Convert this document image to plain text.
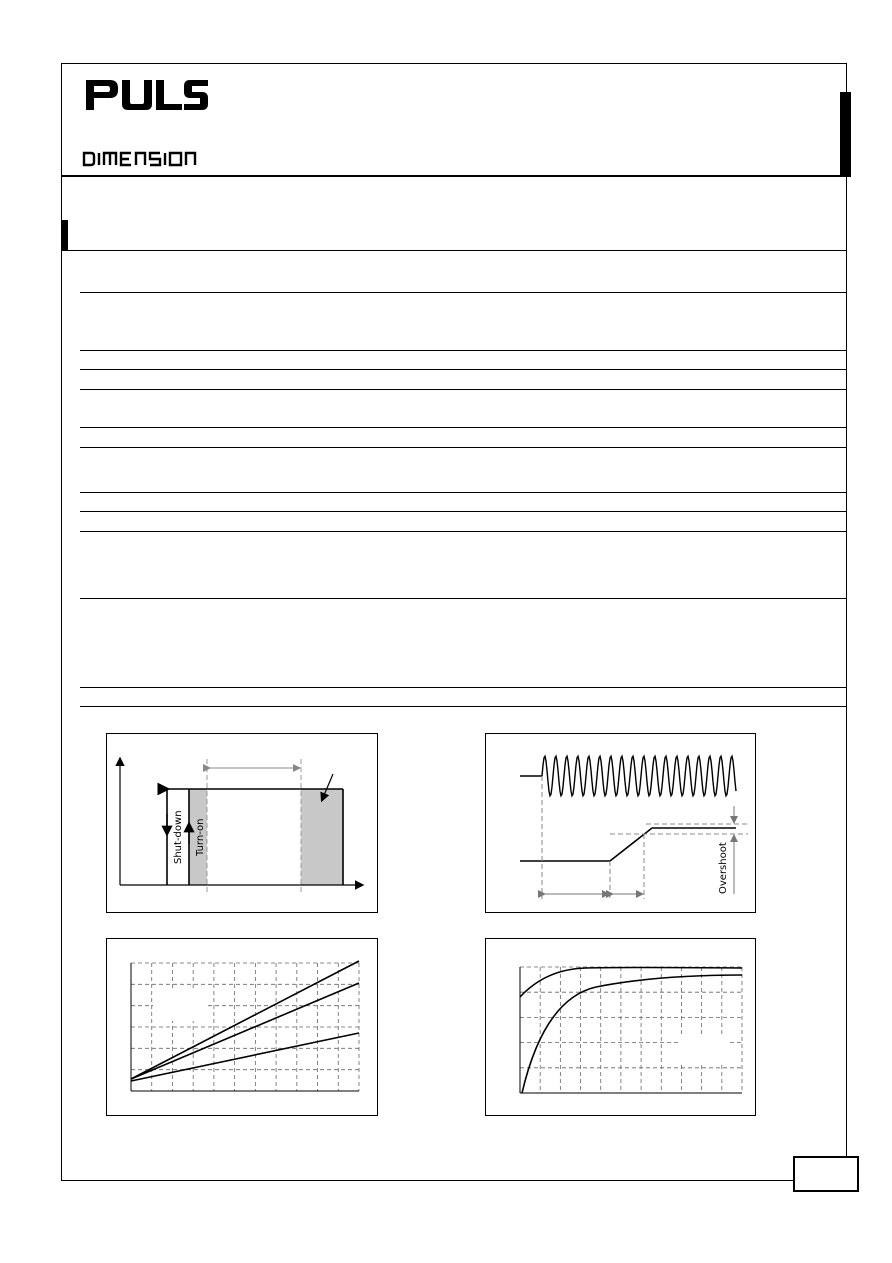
Shut-down Turn-on
Overshoot
